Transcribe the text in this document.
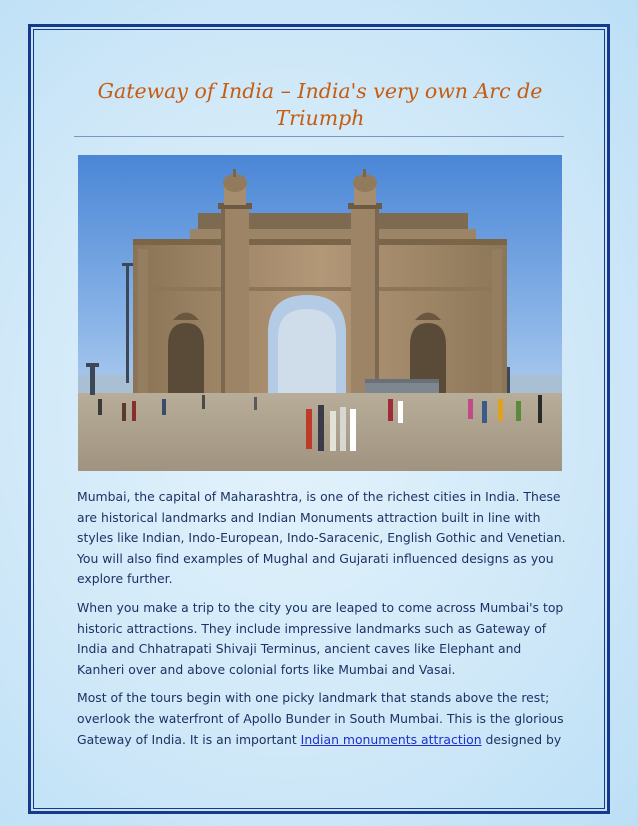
Gateway of India – India's very own Arc de Triumph

Mumbai, the capital of Maharashtra, is one of the richest cities in India. These are historical landmarks and Indian Monuments attraction built in line with styles like Indian, Indo-European, Indo-Saracenic, English Gothic and Venetian. You will also find examples of Mughal and Gujarati influenced designs as you explore further.

When you make a trip to the city you are leaped to come across Mumbai's top historic attractions. They include impressive landmarks such as Gateway of India and Chhatrapati Shivaji Terminus, ancient caves like Elephant and Kanheri over and above colonial forts like Mumbai and Vasai.

Most of the tours begin with one picky landmark that stands above the rest; overlook the waterfront of Apollo Bunder in South Mumbai. This is the glorious Gateway of India. It is an important Indian monuments attraction designed by
